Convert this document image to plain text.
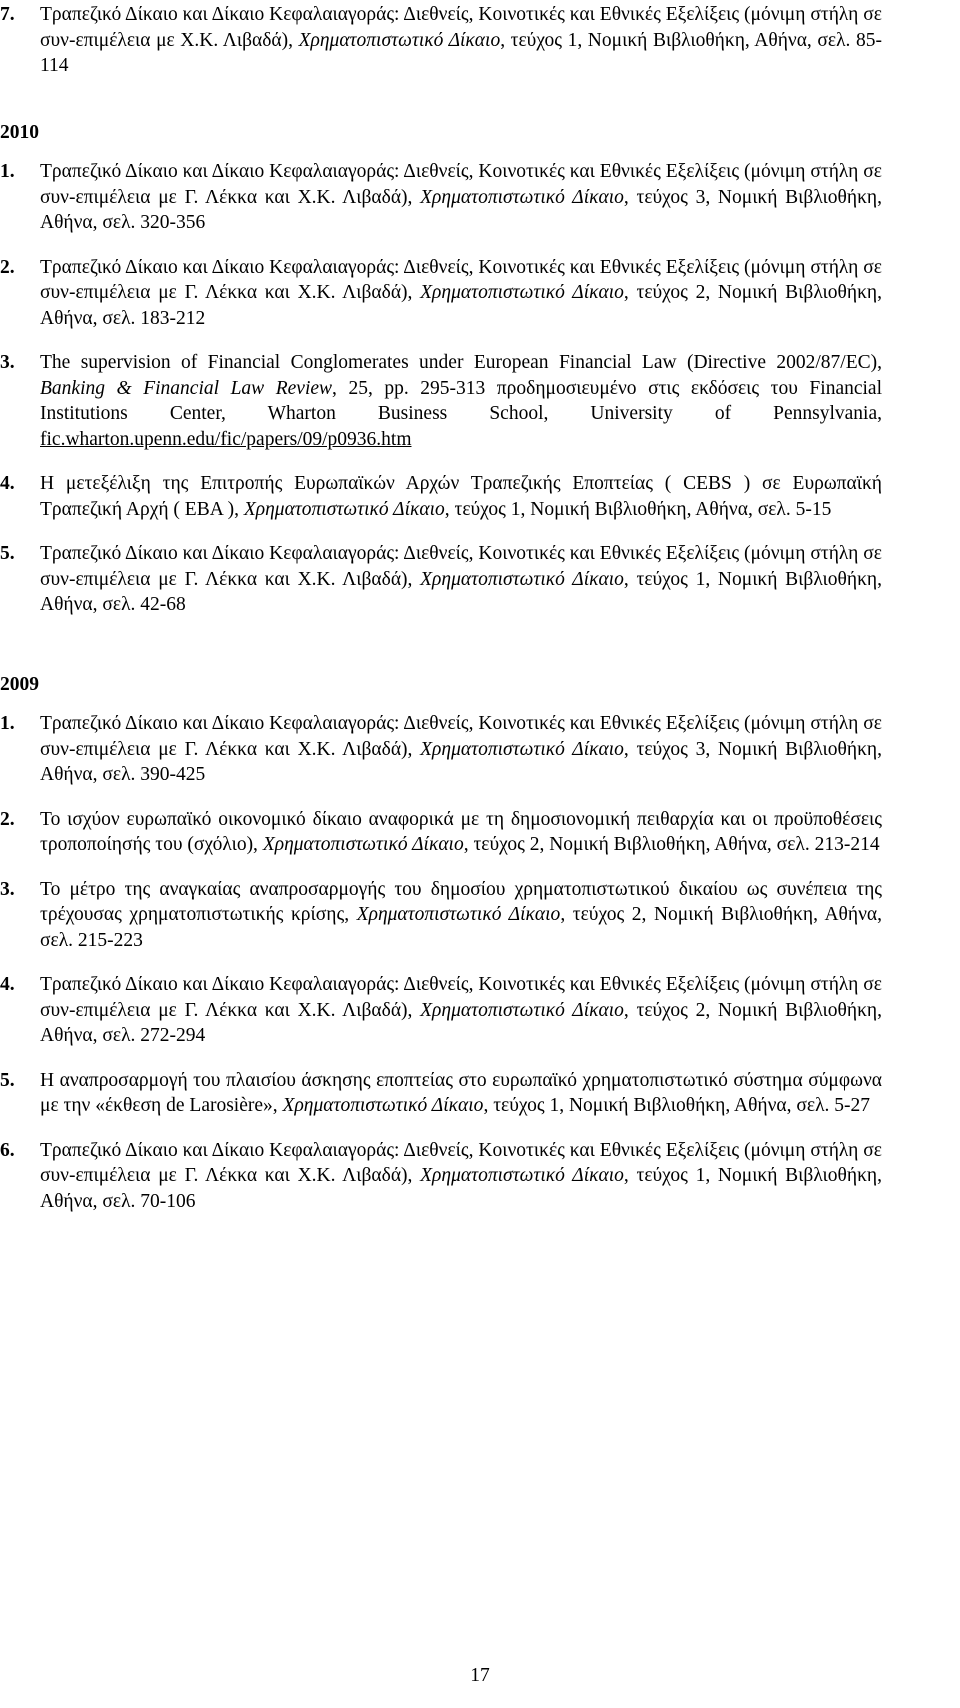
7. Τραπεζικό Δίκαιο και Δίκαιο Κεφαλαιαγοράς: Διεθνείς, Κοινοτικές και Εθνικές Εξελίξεις (μόνιμη στήλη σε συν-επιμέλεια με Χ.Κ. Λιβαδά), Χρηματοπιστωτικό Δίκαιο, τεύχος 1, Νομική Βιβλιοθήκη, Αθήνα, σελ. 85-114
2010
1. Τραπεζικό Δίκαιο και Δίκαιο Κεφαλαιαγοράς: Διεθνείς, Κοινοτικές και Εθνικές Εξελίξεις (μόνιμη στήλη σε συν-επιμέλεια με Γ. Λέκκα και Χ.Κ. Λιβαδά), Χρηματοπιστωτικό Δίκαιο, τεύχος 3, Νομική Βιβλιοθήκη, Αθήνα, σελ. 320-356
2. Τραπεζικό Δίκαιο και Δίκαιο Κεφαλαιαγοράς: Διεθνείς, Κοινοτικές και Εθνικές Εξελίξεις (μόνιμη στήλη σε συν-επιμέλεια με Γ. Λέκκα και Χ.Κ. Λιβαδά), Χρηματοπιστωτικό Δίκαιο, τεύχος 2, Νομική Βιβλιοθήκη, Αθήνα, σελ. 183-212
3. The supervision of Financial Conglomerates under European Financial Law (Directive 2002/87/EC), Banking & Financial Law Review, 25, pp. 295-313 προδημοσιευμένο στις εκδόσεις του Financial Institutions Center, Wharton Business School, University of Pennsylvania, fic.wharton.upenn.edu/fic/papers/09/p0936.htm
4. Η μετεξέλιξη της Επιτροπής Ευρωπαϊκών Αρχών Τραπεζικής Εποπτείας ( CEBS ) σε Ευρωπαϊκή Τραπεζική Αρχή ( ΕΒΑ ), Χρηματοπιστωτικό Δίκαιο, τεύχος 1, Νομική Βιβλιοθήκη, Αθήνα, σελ. 5-15
5. Τραπεζικό Δίκαιο και Δίκαιο Κεφαλαιαγοράς: Διεθνείς, Κοινοτικές και Εθνικές Εξελίξεις (μόνιμη στήλη σε συν-επιμέλεια με Γ. Λέκκα και Χ.Κ. Λιβαδά), Χρηματοπιστωτικό Δίκαιο, τεύχος 1, Νομική Βιβλιοθήκη, Αθήνα, σελ. 42-68
2009
1. Τραπεζικό Δίκαιο και Δίκαιο Κεφαλαιαγοράς: Διεθνείς, Κοινοτικές και Εθνικές Εξελίξεις (μόνιμη στήλη σε συν-επιμέλεια με Γ. Λέκκα και Χ.Κ. Λιβαδά), Χρηματοπιστωτικό Δίκαιο, τεύχος 3, Νομική Βιβλιοθήκη, Αθήνα, σελ. 390-425
2. Το ισχύον ευρωπαϊκό οικονομικό δίκαιο αναφορικά με τη δημοσιονομική πειθαρχία και οι προϋποθέσεις τροποποίησής του (σχόλιο), Χρηματοπιστωτικό Δίκαιο, τεύχος 2, Νομική Βιβλιοθήκη, Αθήνα, σελ. 213-214
3. Το μέτρο της αναγκαίας αναπροσαρμογής του δημοσίου χρηματοπιστωτικού δικαίου ως συνέπεια της τρέχουσας χρηματοπιστωτικής κρίσης, Χρηματοπιστωτικό Δίκαιο, τεύχος 2, Νομική Βιβλιοθήκη, Αθήνα, σελ. 215-223
4. Τραπεζικό Δίκαιο και Δίκαιο Κεφαλαιαγοράς: Διεθνείς, Κοινοτικές και Εθνικές Εξελίξεις (μόνιμη στήλη σε συν-επιμέλεια με Γ. Λέκκα και Χ.Κ. Λιβαδά), Χρηματοπιστωτικό Δίκαιο, τεύχος 2, Νομική Βιβλιοθήκη, Αθήνα, σελ. 272-294
5. Η αναπροσαρμογή του πλαισίου άσκησης εποπτείας στο ευρωπαϊκό χρηματοπιστωτικό σύστημα σύμφωνα με την «έκθεση de Larosière», Χρηματοπιστωτικό Δίκαιο, τεύχος 1, Νομική Βιβλιοθήκη, Αθήνα, σελ. 5-27
6. Τραπεζικό Δίκαιο και Δίκαιο Κεφαλαιαγοράς: Διεθνείς, Κοινοτικές και Εθνικές Εξελίξεις (μόνιμη στήλη σε συν-επιμέλεια με Γ. Λέκκα και Χ.Κ. Λιβαδά), Χρηματοπιστωτικό Δίκαιο, τεύχος 1, Νομική Βιβλιοθήκη, Αθήνα, σελ. 70-106
17
